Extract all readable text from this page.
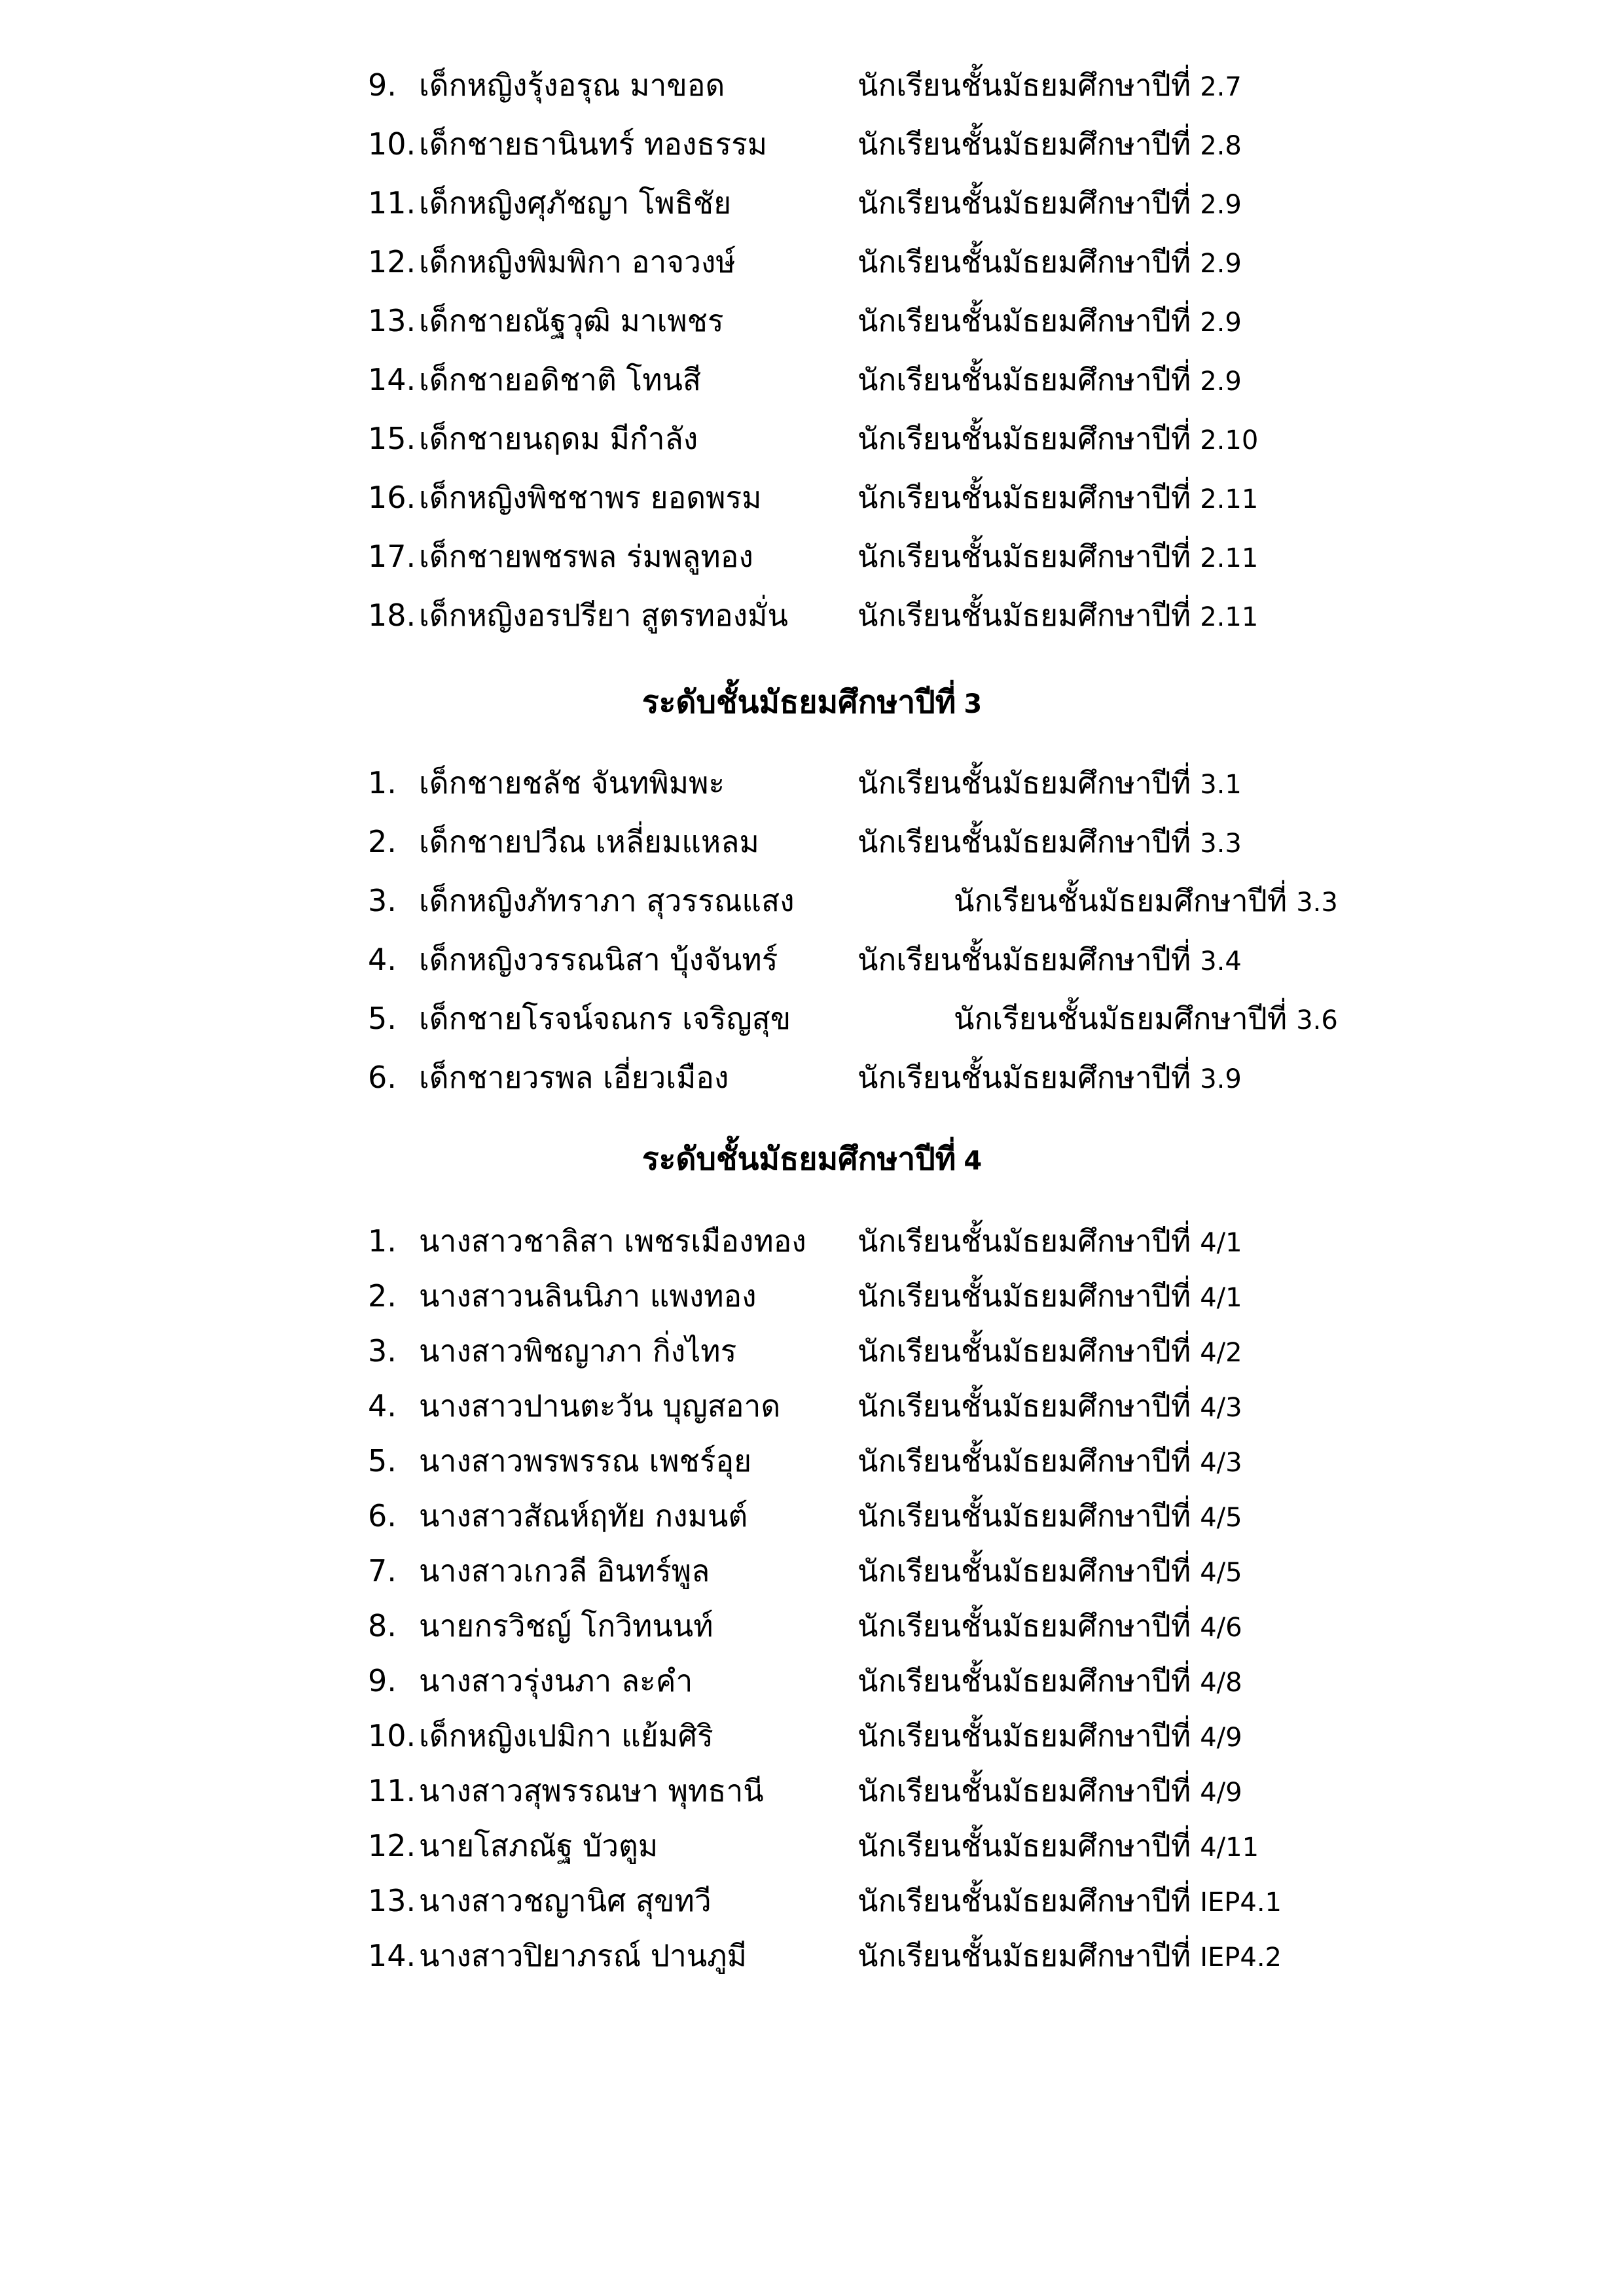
9. เด็กหญิงรุ้งอรุณ มาขอด	นักเรียนชั้นมัธยมศึกษาปีที่ 2.7
10. เด็กชายธานินทร์ ทองธรรม	นักเรียนชั้นมัธยมศึกษาปีที่ 2.8
11. เด็กหญิงศุภัชญา โพธิชัย	นักเรียนชั้นมัธยมศึกษาปีที่ 2.9
12. เด็กหญิงพิมพิกา อาจวงษ์	นักเรียนชั้นมัธยมศึกษาปีที่ 2.9
13. เด็กชายณัฐวุฒิ มาเพชร	นักเรียนชั้นมัธยมศึกษาปีที่ 2.9
14. เด็กชายอดิชาติ โทนสี	นักเรียนชั้นมัธยมศึกษาปีที่ 2.9
15. เด็กชายนฤดม มีกำลัง	นักเรียนชั้นมัธยมศึกษาปีที่ 2.10
16. เด็กหญิงพิชชาพร ยอดพรม	นักเรียนชั้นมัธยมศึกษาปีที่ 2.11
17. เด็กชายพชรพล ร่มพลูทอง	นักเรียนชั้นมัธยมศึกษาปีที่ 2.11
18. เด็กหญิงอรปรียา สูตรทองมั่น นักเรียนชั้นมัธยมศึกษาปีที่ 2.11
ระดับชั้นมัธยมศึกษาปีที่ 3
1. เด็กชายชลัช จันทพิมพะ	นักเรียนชั้นมัธยมศึกษาปีที่ 3.1
2. เด็กชายปวีณ เหลี่ยมแหลม	นักเรียนชั้นมัธยมศึกษาปีที่ 3.3
3. เด็กหญิงภัทราภา สุวรรณแสง	นักเรียนชั้นมัธยมศึกษาปีที่ 3.3
4. เด็กหญิงวรรณนิสา บุ้งจันทร์	นักเรียนชั้นมัธยมศึกษาปีที่ 3.4
5. เด็กชายโรจน์จณกร เจริญสุข	นักเรียนชั้นมัธยมศึกษาปีที่ 3.6
6. เด็กชายวรพล เอี่ยวเมือง	นักเรียนชั้นมัธยมศึกษาปีที่ 3.9
ระดับชั้นมัธยมศึกษาปีที่ 4
1. นางสาวชาลิสา เพชรเมืองทอง นักเรียนชั้นมัธยมศึกษาปีที่ 4/1
2. นางสาวนลินนิภา แพงทอง	นักเรียนชั้นมัธยมศึกษาปีที่ 4/1
3. นางสาวพิชญาภา กิ่งไทร	นักเรียนชั้นมัธยมศึกษาปีที่ 4/2
4. นางสาวปานตะวัน บุญสอาด	นักเรียนชั้นมัธยมศึกษาปีที่ 4/3
5. นางสาวพรพรรณ เพชร์อุย	นักเรียนชั้นมัธยมศึกษาปีที่ 4/3
6. นางสาวสัณห์ฤทัย กงมนต์	นักเรียนชั้นมัธยมศึกษาปีที่ 4/5
7. นางสาวเกวลี อินทร์พูล	นักเรียนชั้นมัธยมศึกษาปีที่ 4/5
8. นายกรวิชญ์ โกวิทนนท์	นักเรียนชั้นมัธยมศึกษาปีที่ 4/6
9. นางสาวรุ่งนภา ละคำ	นักเรียนชั้นมัธยมศึกษาปีที่ 4/8
10. เด็กหญิงเปมิกา แย้มศิริ	นักเรียนชั้นมัธยมศึกษาปีที่ 4/9
11. นางสาวสุพรรณษา พุทธานี	นักเรียนชั้นมัธยมศึกษาปีที่ 4/9
12. นายโสภณัฐ บัวตูม	นักเรียนชั้นมัธยมศึกษาปีที่ 4/11
13. นางสาวชญานิศ สุขทวี	นักเรียนชั้นมัธยมศึกษาปีที่ IEP4.1
14. นางสาวปิยาภรณ์ ปานภูมี	นักเรียนชั้นมัธยมศึกษาปีที่ IEP4.2
